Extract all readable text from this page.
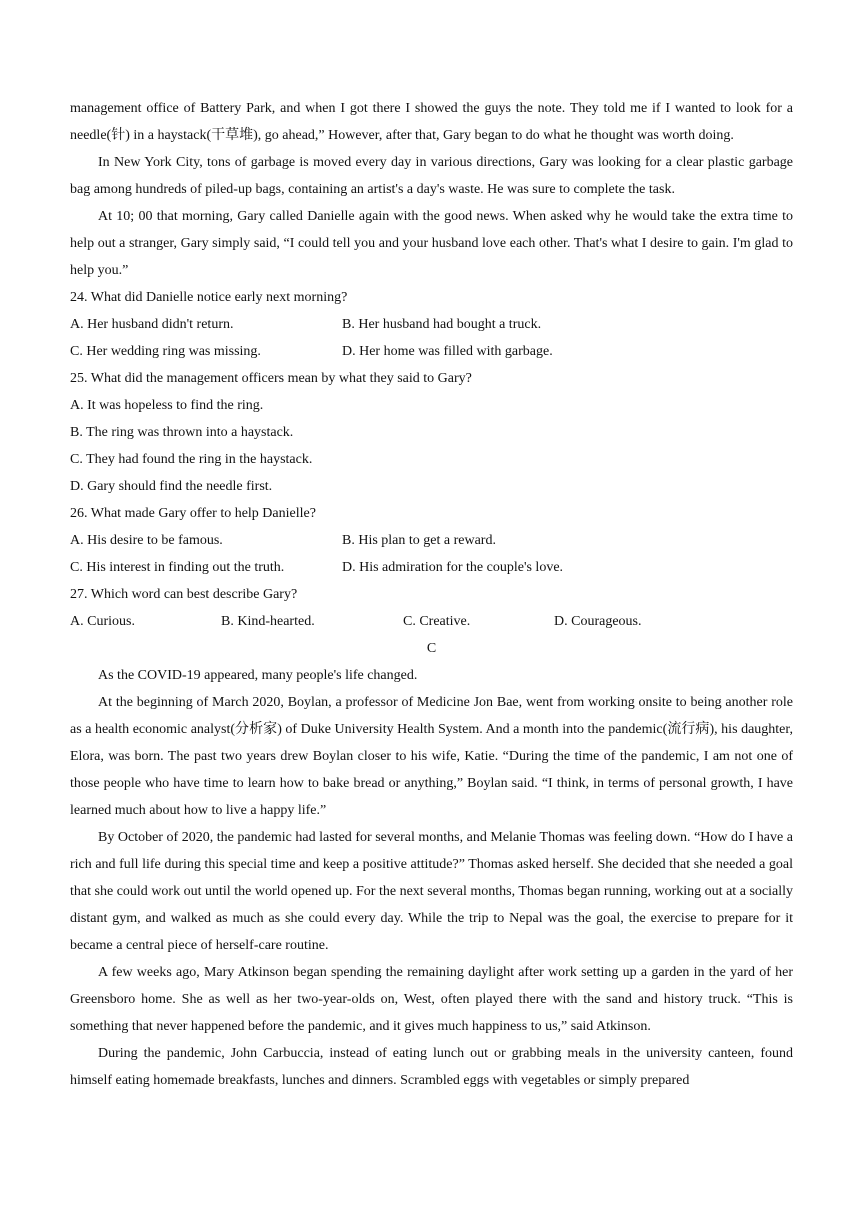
management office of Battery Park, and when I got there I showed the guys the note. They told me if I wanted to look for a needle(针) in a haystack(干草堆), go ahead,” However, after that, Gary began to do what he thought was worth doing.

In New York City, tons of garbage is moved every day in various directions, Gary was looking for a clear plastic garbage bag among hundreds of piled-up bags, containing an artist's a day's waste. He was sure to complete the task.

At 10; 00 that morning, Gary called Danielle again with the good news. When asked why he would take the extra time to help out a stranger, Gary simply said, “I could tell you and your husband love each other. That's what I desire to gain. I'm glad to help you.”

24. What did Danielle notice early next morning?

A. Her husband didn't return.	B. Her husband had bought a truck.
C. Her wedding ring was missing.	D. Her home was filled with garbage.

25. What did the management officers mean by what they said to Gary?

A. It was hopeless to find the ring.

B. The ring was thrown into a haystack.

C. They had found the ring in the haystack.

D. Gary should find the needle first.

26. What made Gary offer to help Danielle?

A. His desire to be famous.	B. His plan to get a reward.
C. His interest in finding out the truth.	D. His admiration for the couple's love.

27. Which word can best describe Gary?

A. Curious.	B. Kind-hearted.	C. Creative.	D. Courageous.

C

As the COVID-19 appeared, many people's life changed.

At the beginning of March 2020, Boylan, a professor of Medicine Jon Bae, went from working onsite to being another role as a health economic analyst(分析家) of Duke University Health System. And a month into the pandemic(流行病), his daughter, Elora, was born. The past two years drew Boylan closer to his wife, Katie. “During the time of the pandemic, I am not one of those people who have time to learn how to bake bread or anything,” Boylan said. “I think, in terms of personal growth, I have learned much about how to live a happy life.”

By October of 2020, the pandemic had lasted for several months, and Melanie Thomas was feeling down. “How do I have a rich and full life during this special time and keep a positive attitude?” Thomas asked herself. She decided that she needed a goal that she could work out until the world opened up. For the next several months, Thomas began running, working out at a socially distant gym, and walked as much as she could every day. While the trip to Nepal was the goal, the exercise to prepare for it became a central piece of herself-care routine.

A few weeks ago, Mary Atkinson began spending the remaining daylight after work setting up a garden in the yard of her Greensboro home. She as well as her two-year-olds on, West, often played there with the sand and history truck. “This is something that never happened before the pandemic, and it gives much happiness to us,” said Atkinson.

During the pandemic, John Carbuccia, instead of eating lunch out or grabbing meals in the university canteen, found himself eating homemade breakfasts, lunches and dinners. Scrambled eggs with vegetables or simply prepared
